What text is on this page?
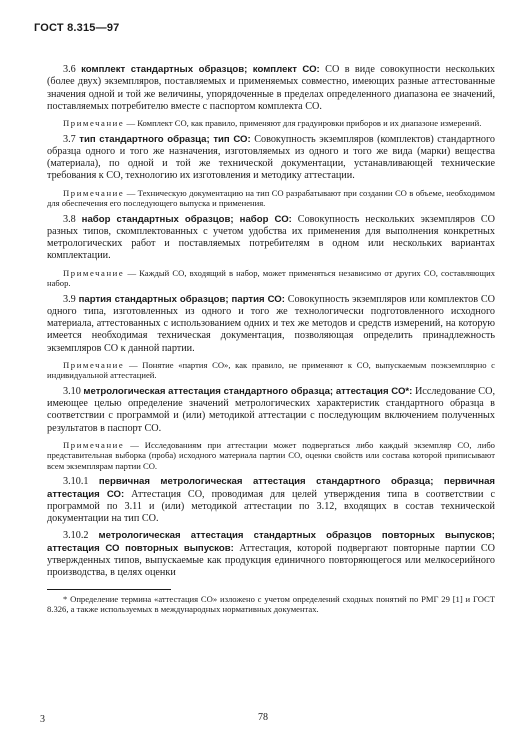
ГОСТ 8.315—97

3.6 комплект стандартных образцов; комплект СО: СО в виде совокупности нескольких (более двух) экземпляров, поставляемых и применяемых совместно, имеющих разные аттестованные значения одной и той же величины, упорядоченные в пределах определенного диапазона ее значений, поставляемых потребителю вместе с паспортом комплекта СО.

Примечание — Комплект СО, как правило, применяют для градуировки приборов и их диапазоне измерений.

3.7 тип стандартного образца; тип СО: Совокупность экземпляров (комплектов) стандартного образца одного и того же назначения, изготовляемых из одного и того же вида (марки) вещества (материала), по одной и той же технической документации, устанавливающей технические требования к СО, технологию их изготовления и методику аттестации.

Примечание — Техническую документацию на тип СО разрабатывают при создании СО в объеме, необходимом для обеспечения его последующего выпуска и применения.

3.8 набор стандартных образцов; набор СО: Совокупность нескольких экземпляров СО разных типов, скомплектованных с учетом удобства их применения для выполнения конкретных метрологических работ и поставляемых потребителям в одном или нескольких вариантах комплектации.

Примечание — Каждый СО, входящий в набор, может применяться независимо от других СО, составляющих набор.

3.9 партия стандартных образцов; партия СО: Совокупность экземпляров или комплектов СО одного типа, изготовленных из одного и того же технологически подготовленного исходного материала, аттестованных с использованием одних и тех же методов и средств измерений, на которую имеется необходимая техническая документация, позволяющая определить принадлежность экземпляров СО к данной партии.

Примечание — Понятие «партия СО», как правило, не применяют к СО, выпускаемым поэкземплярно с индивидуальной аттестацией.

3.10 метрологическая аттестация стандартного образца; аттестация СО*: Исследование СО, имеющее целью определение значений метрологических характеристик стандартного образца в соответствии с программой и (или) методикой аттестации с последующим включением полученных результатов в паспорт СО.

Примечание — Исследованиям при аттестации может подвергаться либо каждый экземпляр СО, либо представительная выборка (проба) исходного материала партии СО, оценки свойств или состава которой приписывают всем экземплярам партии СО.

3.10.1 первичная метрологическая аттестация стандартного образца; первичная аттестация СО: Аттестация СО, проводимая для целей утверждения типа в соответствии с программой по 3.11 и (или) методикой аттестации по 3.12, входящих в состав технической документации на тип СО.

3.10.2 метрологическая аттестация стандартных образцов повторных выпусков; аттестация СО повторных выпусков: Аттестация, которой подвергают повторные партии СО утвержденных типов, выпускаемые как продукция единичного повторяющегося или мелкосерийного производства, в целях оценки

* Определение термина «аттестация СО» изложено с учетом определений сходных понятий по РМГ 29 [1] и ГОСТ 8.326, а также используемых в международных нормативных документах.

3	78
